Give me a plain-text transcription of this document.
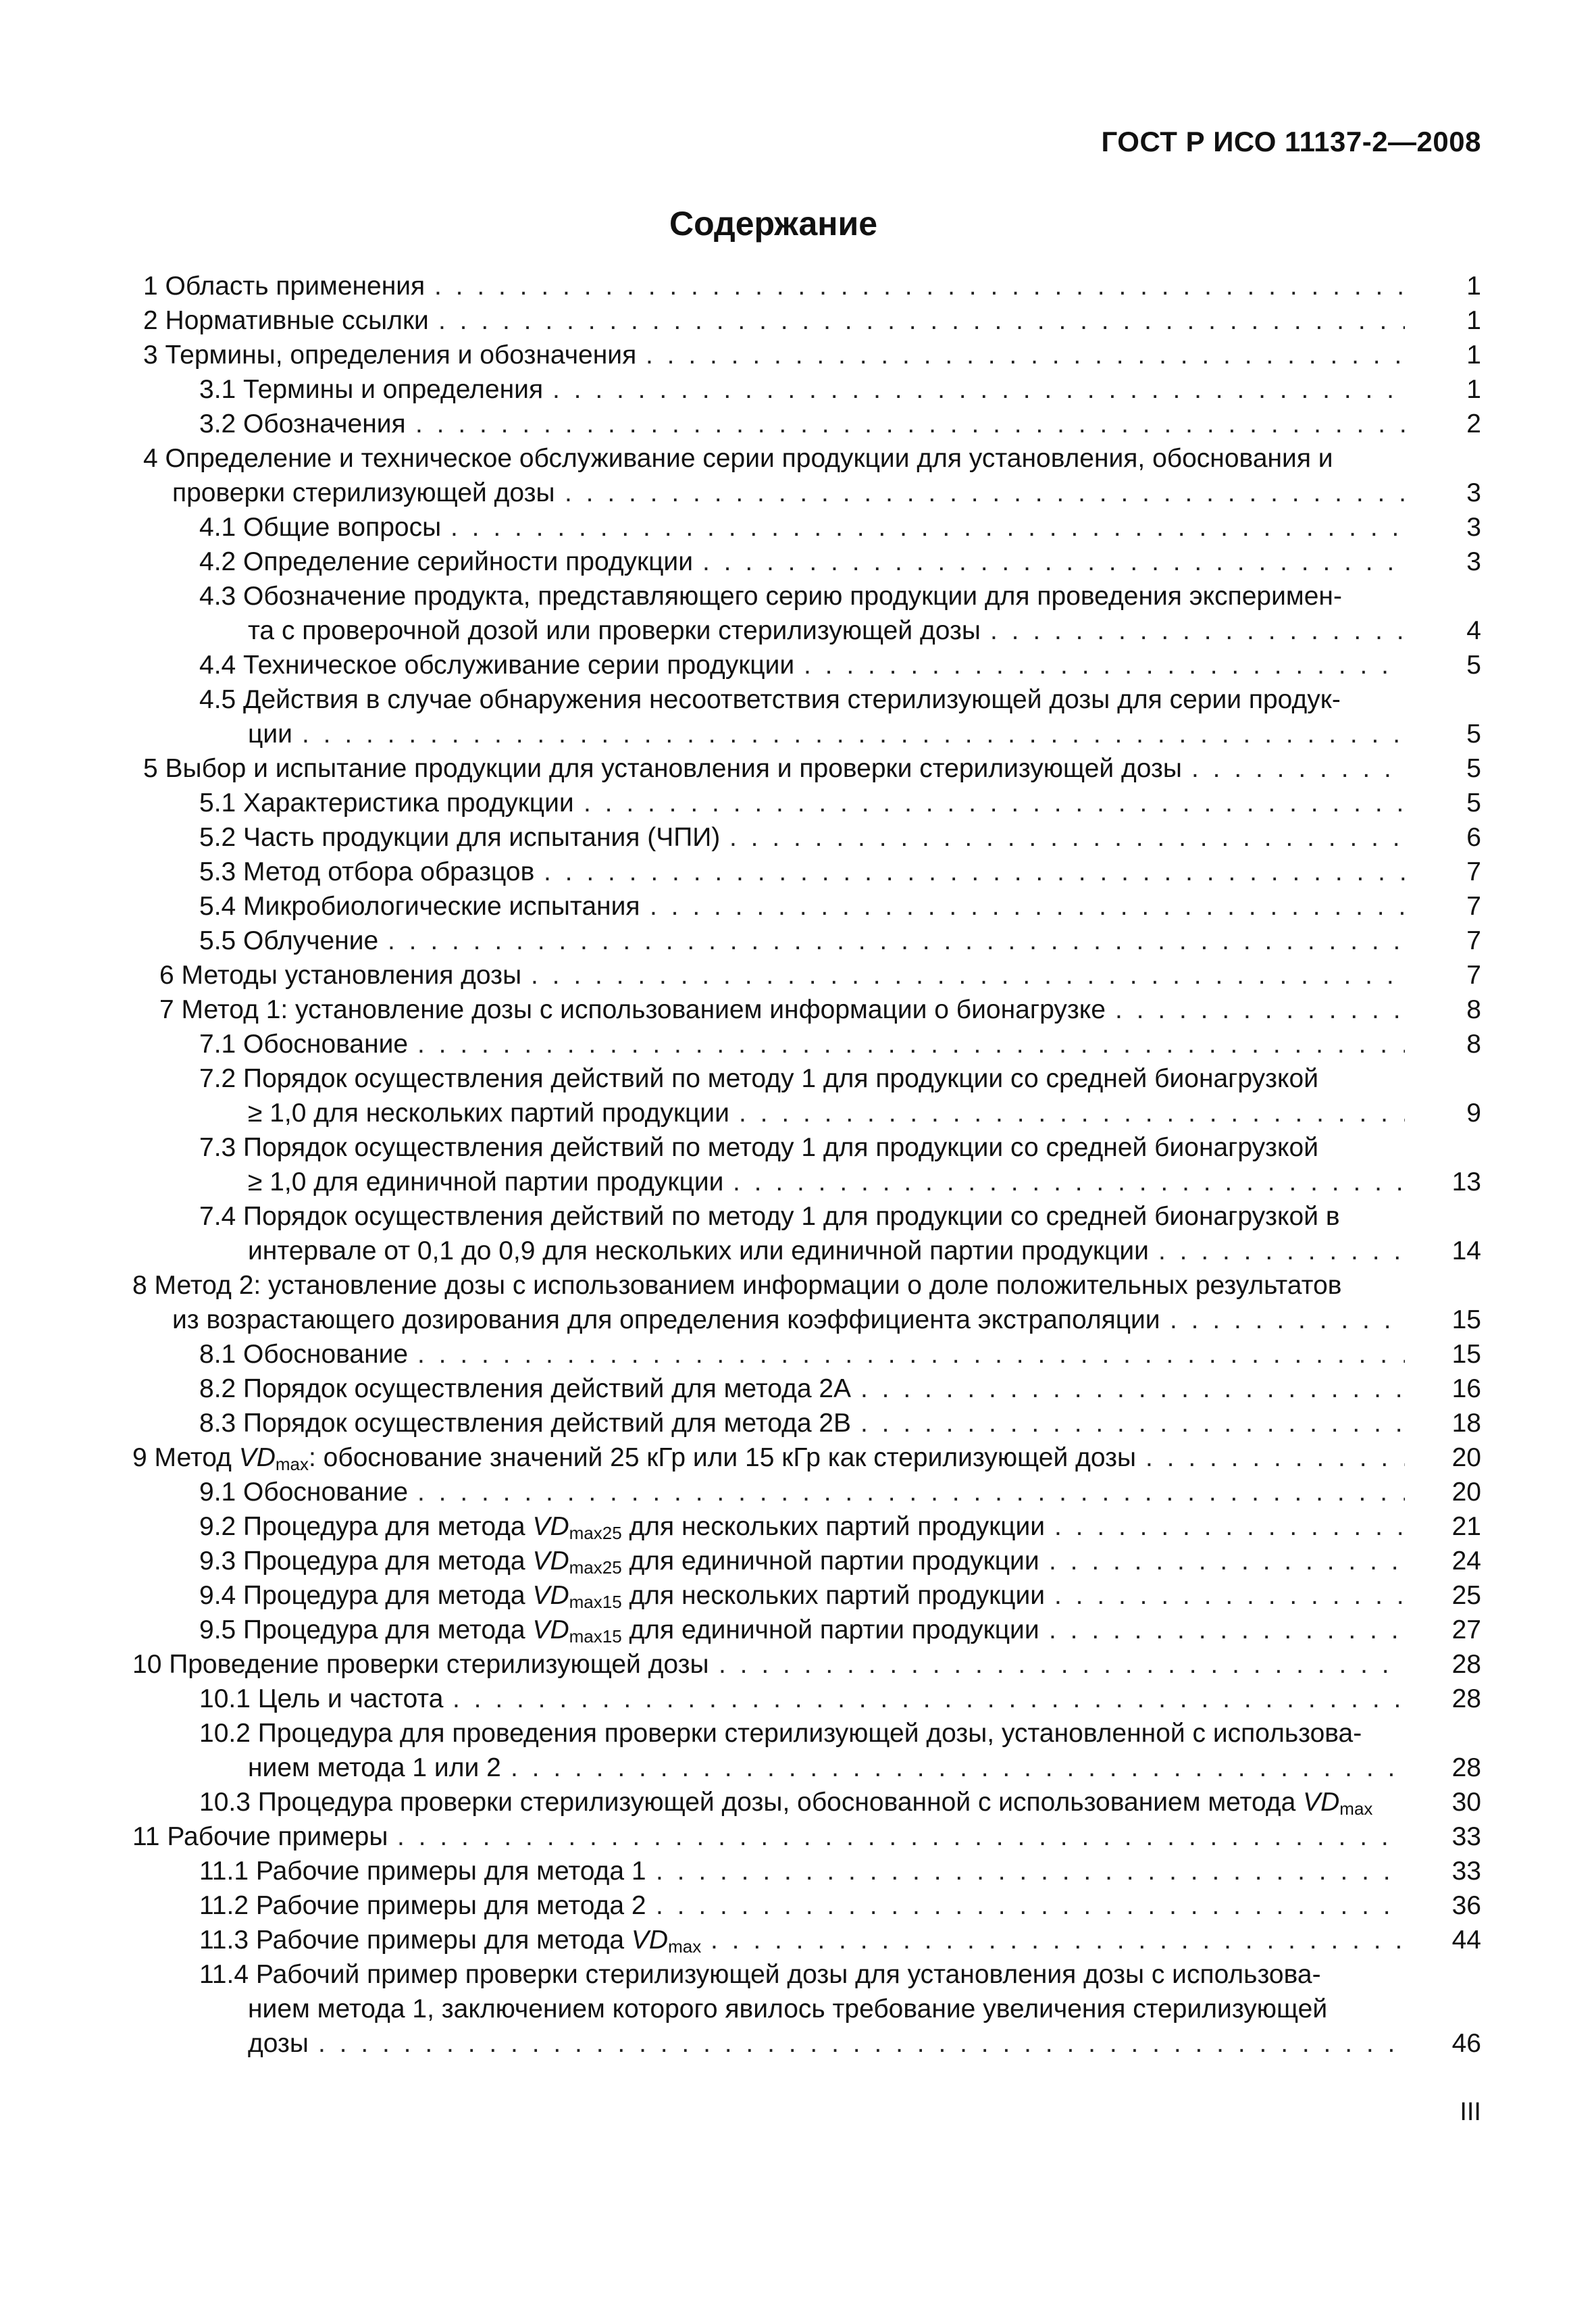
ГОСТ Р ИСО 11137-2—2008
Содержание
1 Область применения . . .	1
2 Нормативные ссылки . . .	1
3 Термины, определения и обозначения . . .	1
3.1 Термины и определения . . .	1
3.2 Обозначения . . .	2
4 Определение и техническое обслуживание серии продукции для установления, обоснования и
проверки стерилизующей дозы . . .	3
4.1 Общие вопросы . . .	3
4.2 Определение серийности продукции . . .	3
4.3 Обозначение продукта, представляющего серию продукции для проведения эксперимен-
та с проверочной дозой или проверки стерилизующей дозы . . .	4
4.4 Техническое обслуживание серии продукции . . .	5
4.5 Действия в случае обнаружения несоответствия стерилизующей дозы для серии продук-
ции . . .	5
5 Выбор и испытание продукции для установления и проверки стерилизующей дозы . . .	5
5.1 Характеристика продукции . . .	5
5.2 Часть продукции для испытания (ЧПИ) . . .	6
5.3 Метод отбора образцов . . .	7
5.4 Микробиологические испытания . . .	7
5.5 Облучение . . .	7
6 Методы установления дозы . . .	7
7 Метод 1: установление дозы с использованием информации о бионагрузке . . .	8
7.1 Обоснование . . .	8
7.2 Порядок осуществления действий по методу 1 для продукции со средней бионагрузкой
≥ 1,0 для нескольких партий продукции . . .	9
7.3 Порядок осуществления действий по методу 1 для продукции со средней бионагрузкой
≥ 1,0 для единичной партии продукции . . .	13
7.4 Порядок осуществления действий по методу 1 для продукции со средней бионагрузкой в
интервале от 0,1 до 0,9 для нескольких или единичной партии продукции . . .	14
8 Метод 2: установление дозы с использованием информации о доле положительных результатов
из возрастающего дозирования для определения коэффициента экстраполяции . . .	15
8.1 Обоснование . . .	15
8.2 Порядок осуществления действий для метода 2А . . .	16
8.3 Порядок осуществления действий для метода 2В . . .	18
9 Метод $VD_{max}$: обоснование значений 25 кГр или 15 кГр как стерилизующей дозы . . .	20
9.1 Обоснование . . .	20
9.2 Процедура для метода $VD_{max25}$ для нескольких партий продукции . . .	21
9.3 Процедура для метода $VD_{max25}$ для единичной партии продукции . . .	24
9.4 Процедура для метода $VD_{max15}$ для нескольких партий продукции . . .	25
9.5 Процедура для метода $VD_{max15}$ для единичной партии продукции . . .	27
10 Проведение проверки стерилизующей дозы . . .	28
10.1 Цель и частота . . .	28
10.2 Процедура для проведения проверки стерилизующей дозы, установленной с использова-
нием метода 1 или 2 . . .	28
10.3 Процедура проверки стерилизующей дозы, обоснованной с использованием метода $VD_{max}$	30
11 Рабочие примеры . . .	33
11.1 Рабочие примеры для метода 1 . . .	33
11.2 Рабочие примеры для метода 2 . . .	36
11.3 Рабочие примеры для метода $VD_{max}$ . . .	44
11.4 Рабочий пример проверки стерилизующей дозы для установления дозы с использова-
нием метода 1, заключением которого явилось требование увеличения стерилизующей
дозы . . .	46
III
